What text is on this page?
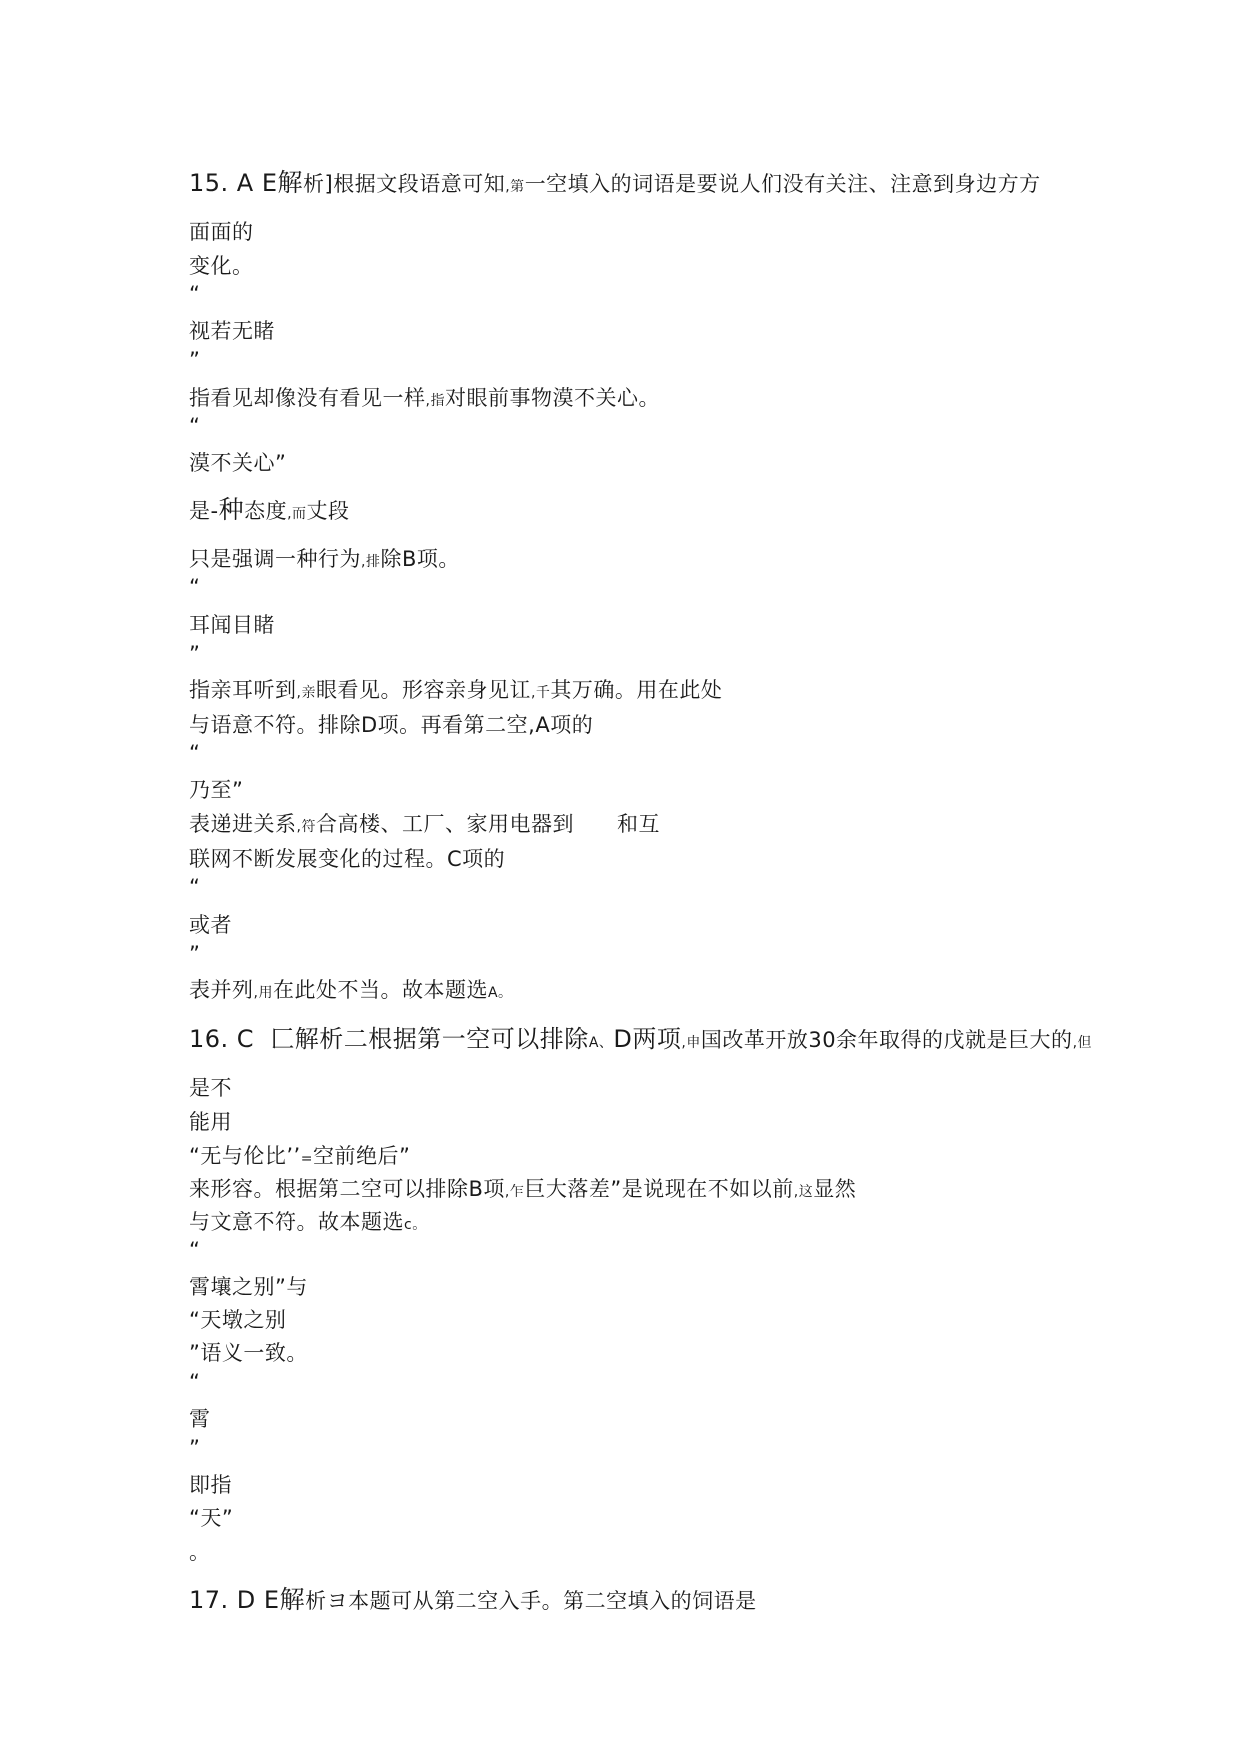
15. A E解析]根据文段语意可知,第一空填入的词语是要说人们没有关注、注意到身边方方

面面的

变化。

“

视若无睹

”

指看见却像没有看见一样,指对眼前事物漠不关心。

“

漠不关心”

是-种态度,而丈段

只是强调一种行为,排除B项。

“

耳闻目睹

”

指亲耳听到,亲眼看见。形容亲身见讧,千其万确。用在此处

与语意不符。排除D项。再看第二空,A项的

“

乃至”

表递进关系,符合高楼、工厂、家用电器到      和互

联网不断发展变化的过程。C项的

“

或者

”

表并列,用在此处不当。故本题选A。

16. C  匚解析二根据第一空可以排除A、D两项,申国改革开放30余年取得的戊就是巨大的,但

是不

能用

“无与伦比’’=空前绝后”

来形容。根据第二空可以排除B项,乍巨大落差”是说现在不如以前,这显然

与文意不符。故本题选c。

“

霄壤之别”与

“天墩之别

”语义一致。

“

霄

”

即指

“天”

。

17. D E解析ヨ本题可从第二空入手。第二空填入的饲语是
